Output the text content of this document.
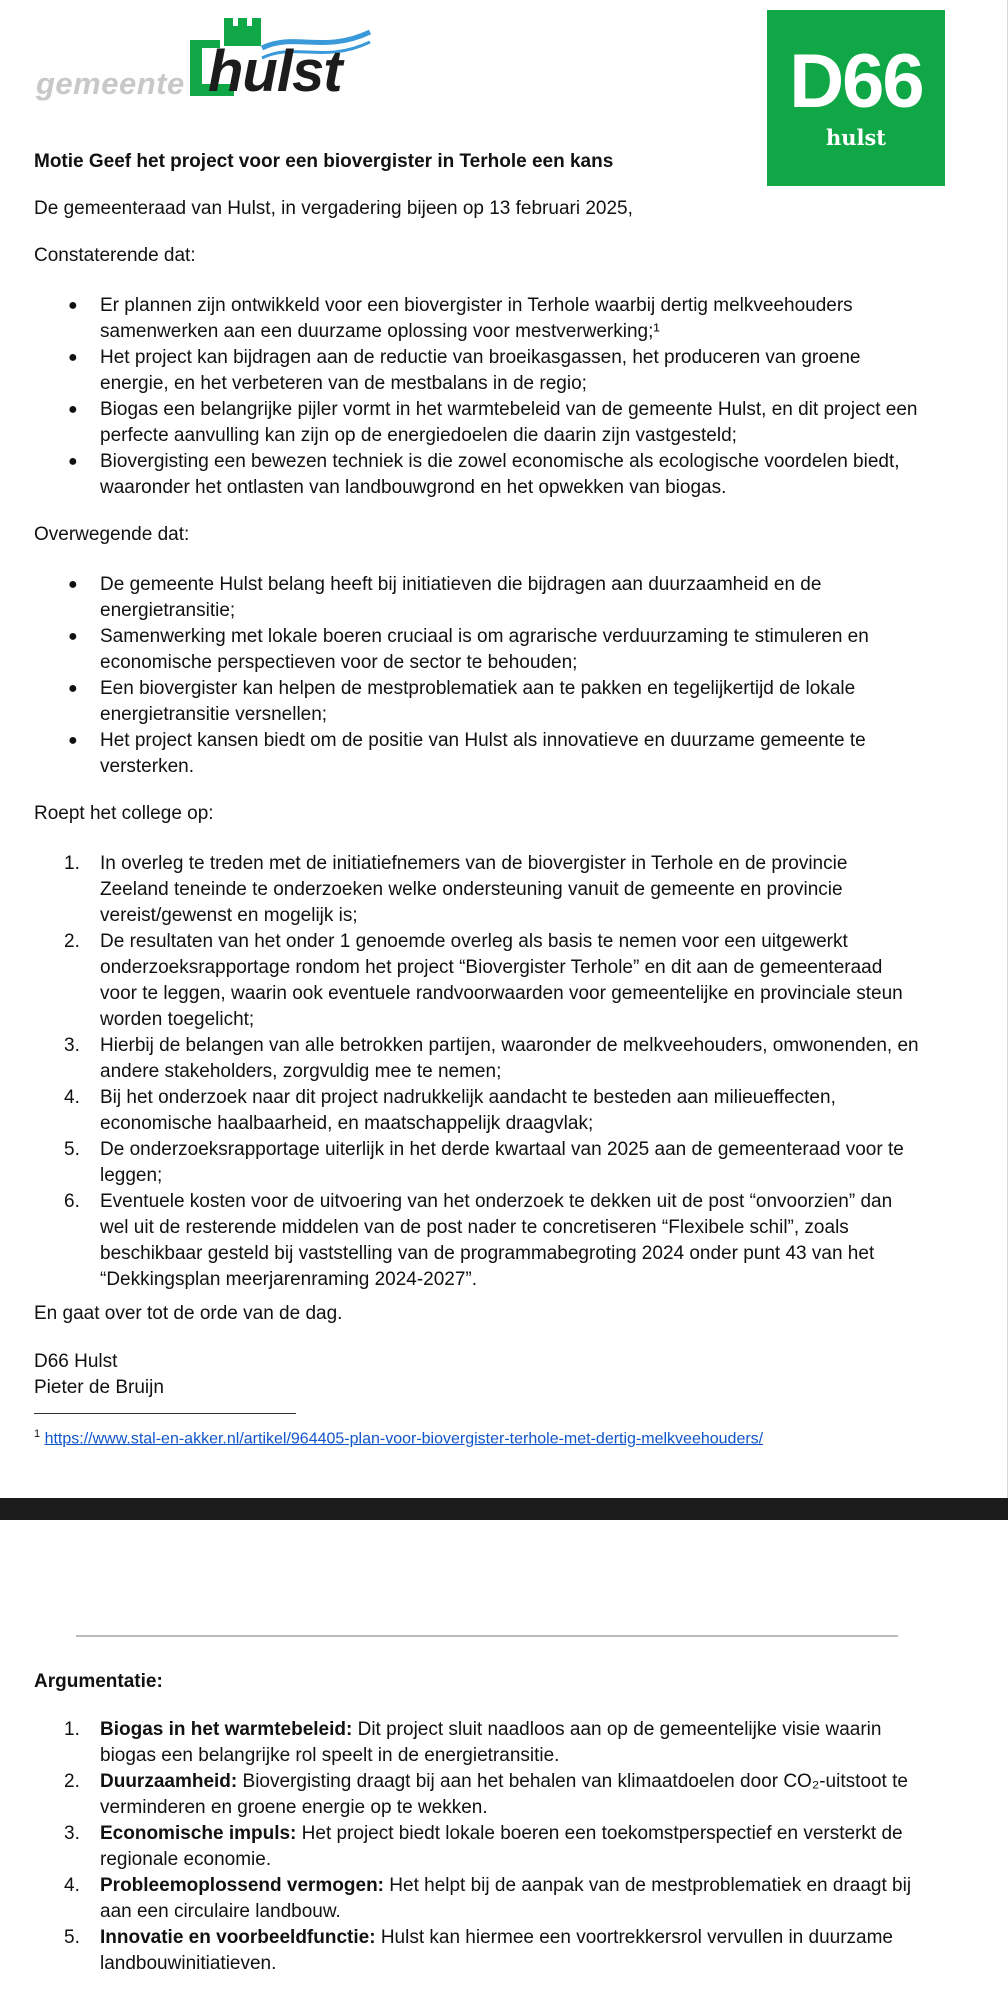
gemeente hulst	D66
hulst
Motie Geef het project voor een biovergister in Terhole een kans
De gemeenteraad van Hulst, in vergadering bijeen op 13 februari 2025,
Constaterende dat:
● Er plannen zijn ontwikkeld voor een biovergister in Terhole waarbij dertig melkveehouders samenwerken aan een duurzame oplossing voor mestverwerking;¹
● Het project kan bijdragen aan de reductie van broeikasgassen, het produceren van groene energie, en het verbeteren van de mestbalans in de regio;
● Biogas een belangrijke pijler vormt in het warmtebeleid van de gemeente Hulst, en dit project een perfecte aanvulling kan zijn op de energiedoelen die daarin zijn vastgesteld;
● Biovergisting een bewezen techniek is die zowel economische als ecologische voordelen biedt, waaronder het ontlasten van landbouwgrond en het opwekken van biogas.
Overwegende dat:
● De gemeente Hulst belang heeft bij initiatieven die bijdragen aan duurzaamheid en de energietransitie;
● Samenwerking met lokale boeren cruciaal is om agrarische verduurzaming te stimuleren en economische perspectieven voor de sector te behouden;
● Een biovergister kan helpen de mestproblematiek aan te pakken en tegelijkertijd de lokale energietransitie versnellen;
● Het project kansen biedt om de positie van Hulst als innovatieve en duurzame gemeente te versterken.
Roept het college op:
1. In overleg te treden met de initiatiefnemers van de biovergister in Terhole en de provincie Zeeland teneinde te onderzoeken welke ondersteuning vanuit de gemeente en provincie vereist/gewenst en mogelijk is;
2. De resultaten van het onder 1 genoemde overleg als basis te nemen voor een uitgewerkt onderzoeksrapportage rondom het project “Biovergister Terhole” en dit aan de gemeenteraad voor te leggen, waarin ook eventuele randvoorwaarden voor gemeentelijke en provinciale steun worden toegelicht;
3. Hierbij de belangen van alle betrokken partijen, waaronder de melkveehouders, omwonenden, en andere stakeholders, zorgvuldig mee te nemen;
4. Bij het onderzoek naar dit project nadrukkelijk aandacht te besteden aan milieueffecten, economische haalbaarheid, en maatschappelijk draagvlak;
5. De onderzoeksrapportage uiterlijk in het derde kwartaal van 2025 aan de gemeenteraad voor te leggen;
6. Eventuele kosten voor de uitvoering van het onderzoek te dekken uit de post “onvoorzien” dan wel uit de resterende middelen van de post nader te concretiseren “Flexibele schil”, zoals beschikbaar gesteld bij vaststelling van de programmabegroting 2024 onder punt 43 van het “Dekkingsplan meerjarenraming 2024-2027”.
En gaat over tot de orde van de dag.
D66 Hulst
Pieter de Bruijn
$^1$ https://www.stal-en-akker.nl/artikel/964405-plan-voor-biovergister-terhole-met-dertig-melkveehouders/
Argumentatie:
1. Biogas in het warmtebeleid: Dit project sluit naadloos aan op de gemeentelijke visie waarin biogas een belangrijke rol speelt in de energietransitie.
2. Duurzaamheid: Biovergisting draagt bij aan het behalen van klimaatdoelen door CO₂-uitstoot te verminderen en groene energie op te wekken.
3. Economische impuls: Het project biedt lokale boeren een toekomstperspectief en versterkt de regionale economie.
4. Probleemoplossend vermogen: Het helpt bij de aanpak van de mestproblematiek en draagt bij aan een circulaire landbouw.
5. Innovatie en voorbeeldfunctie: Hulst kan hiermee een voortrekkersrol vervullen in duurzame landbouwinitiatieven.
